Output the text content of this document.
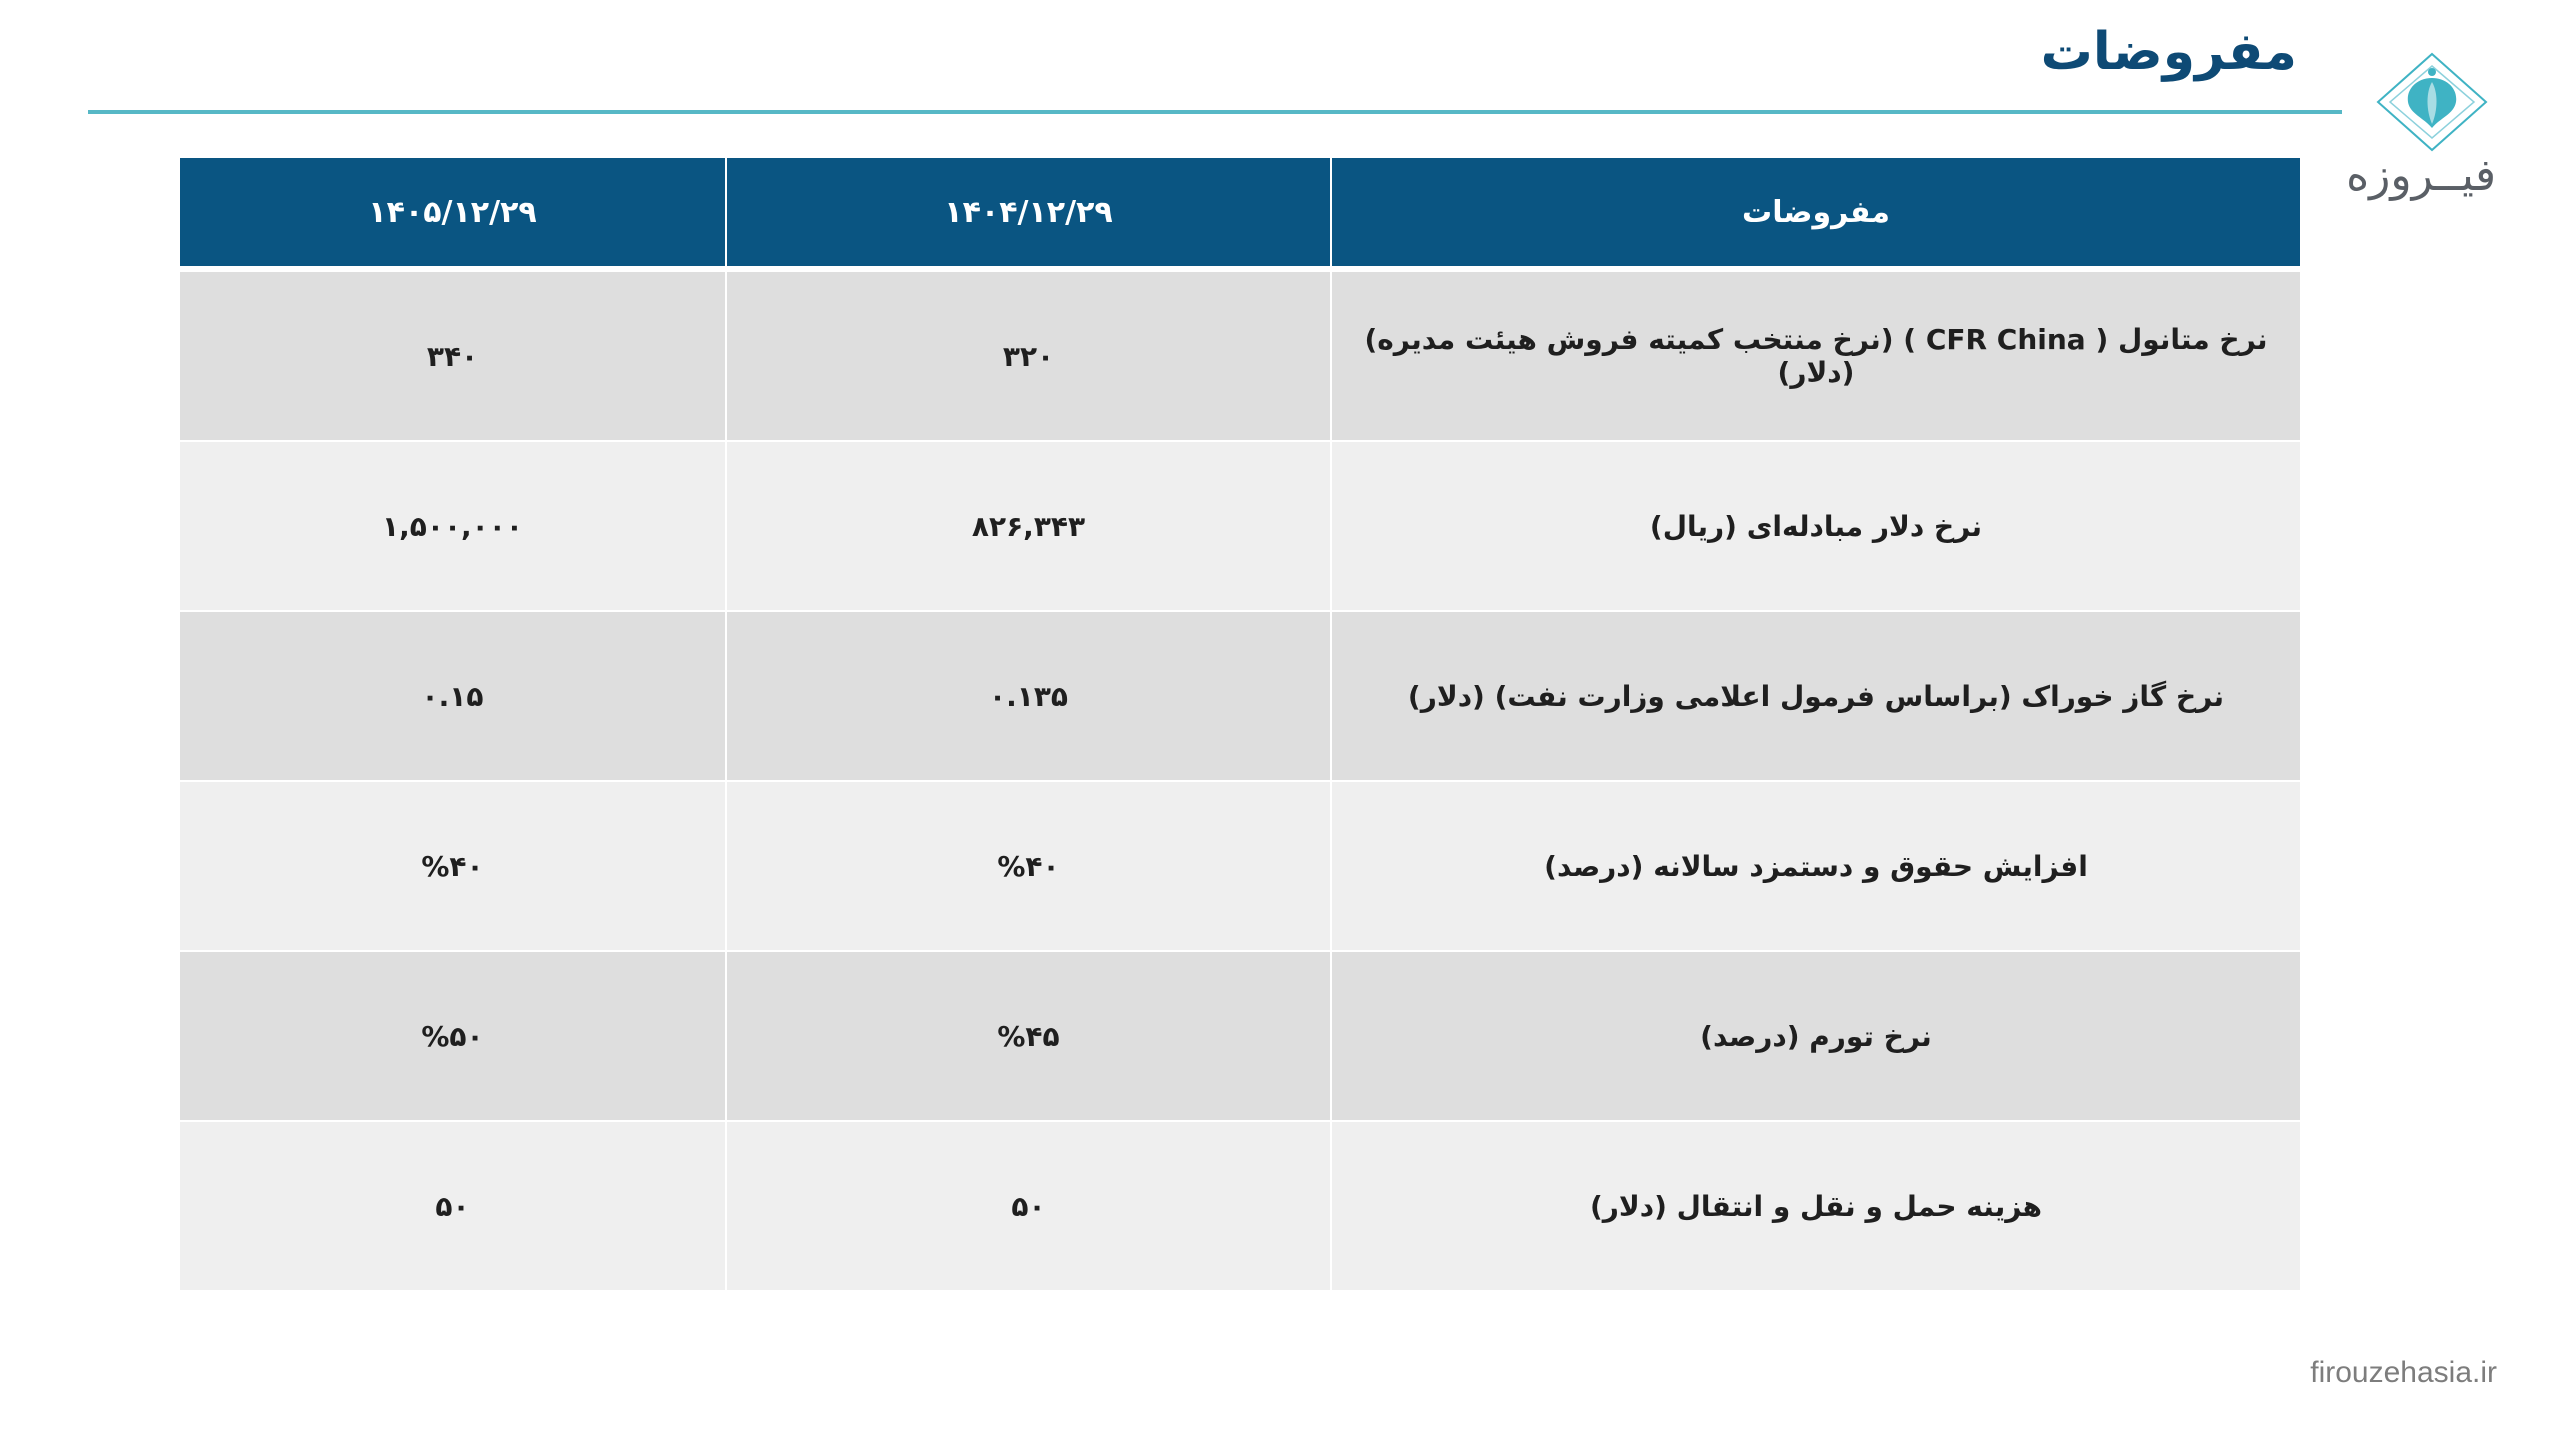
مفروضات
فیــروزه
مفروضات	۱۴۰۴/۱۲/۲۹	۱۴۰۵/۱۲/۲۹
نرخ متانول ( CFR China ) (نرخ منتخب کمیته فروش هیئت مدیره) (دلار)	۳۲۰	۳۴۰
نرخ دلار مبادله‌ای (ریال)	۸۲۶,۳۴۳	۱,۵۰۰,۰۰۰
نرخ گاز خوراک (براساس فرمول اعلامی وزارت نفت) (دلار)	۰.۱۳۵	۰.۱۵
افزایش حقوق و دستمزد سالانه (درصد)	%۴۰	%۴۰
نرخ تورم (درصد)	%۴۵	%۵۰
هزینه حمل و نقل و انتقال (دلار)	۵۰	۵۰
firouzehasia.ir
